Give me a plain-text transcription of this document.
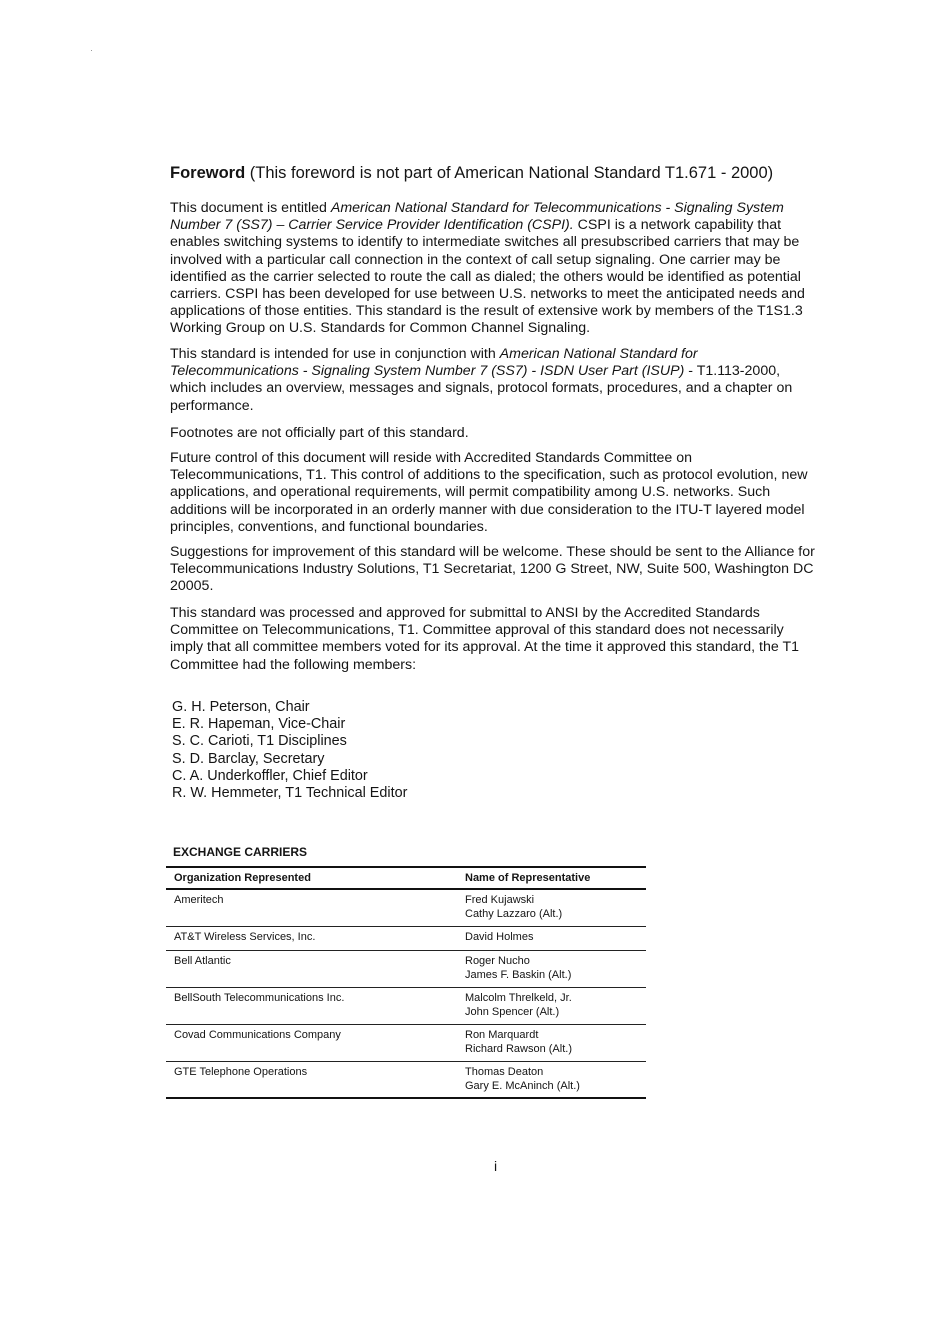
Foreword (This foreword is not part of American National Standard T1.671 - 2000)

This document is entitled American National Standard for Telecommunications - Signaling System Number 7 (SS7) – Carrier Service Provider Identification (CSPI). CSPI is a network capability that enables switching systems to identify to intermediate switches all presubscribed carriers that may be involved with a particular call connection in the context of call setup signaling. One carrier may be identified as the carrier selected to route the call as dialed; the others would be identified as potential carriers. CSPI has been developed for use between U.S. networks to meet the anticipated needs and applications of those entities. This standard is the result of extensive work by members of the T1S1.3 Working Group on U.S. Standards for Common Channel Signaling.

This standard is intended for use in conjunction with American National Standard for Telecommunications - Signaling System Number 7 (SS7) - ISDN User Part (ISUP) - T1.113-2000, which includes an overview, messages and signals, protocol formats, procedures, and a chapter on performance.

Footnotes are not officially part of this standard.

Future control of this document will reside with Accredited Standards Committee on Telecommunications, T1. This control of additions to the specification, such as protocol evolution, new applications, and operational requirements, will permit compatibility among U.S. networks. Such additions will be incorporated in an orderly manner with due consideration to the ITU-T layered model principles, conventions, and functional boundaries.

Suggestions for improvement of this standard will be welcome. These should be sent to the Alliance for Telecommunications Industry Solutions, T1 Secretariat, 1200 G Street, NW, Suite 500, Washington DC 20005.

This standard was processed and approved for submittal to ANSI by the Accredited Standards Committee on Telecommunications, T1. Committee approval of this standard does not necessarily imply that all committee members voted for its approval. At the time it approved this standard, the T1 Committee had the following members:

G. H. Peterson, Chair
E. R. Hapeman, Vice-Chair
S. C. Carioti, T1 Disciplines
S. D. Barclay, Secretary
C. A. Underkoffler, Chief Editor
R. W. Hemmeter, T1 Technical Editor
EXCHANGE CARRIERS
Organization Represented	Name of Representative
Ameritech	Fred Kujawski
Cathy Lazzaro (Alt.)
AT&T Wireless Services, Inc.	David Holmes
Bell Atlantic	Roger Nucho
James F. Baskin (Alt.)
BellSouth Telecommunications Inc.	Malcolm Threlkeld, Jr.
John Spencer (Alt.)
Covad Communications Company	Ron Marquardt
Richard Rawson (Alt.)
GTE Telephone Operations	Thomas Deaton
Gary E. McAninch (Alt.)
i
